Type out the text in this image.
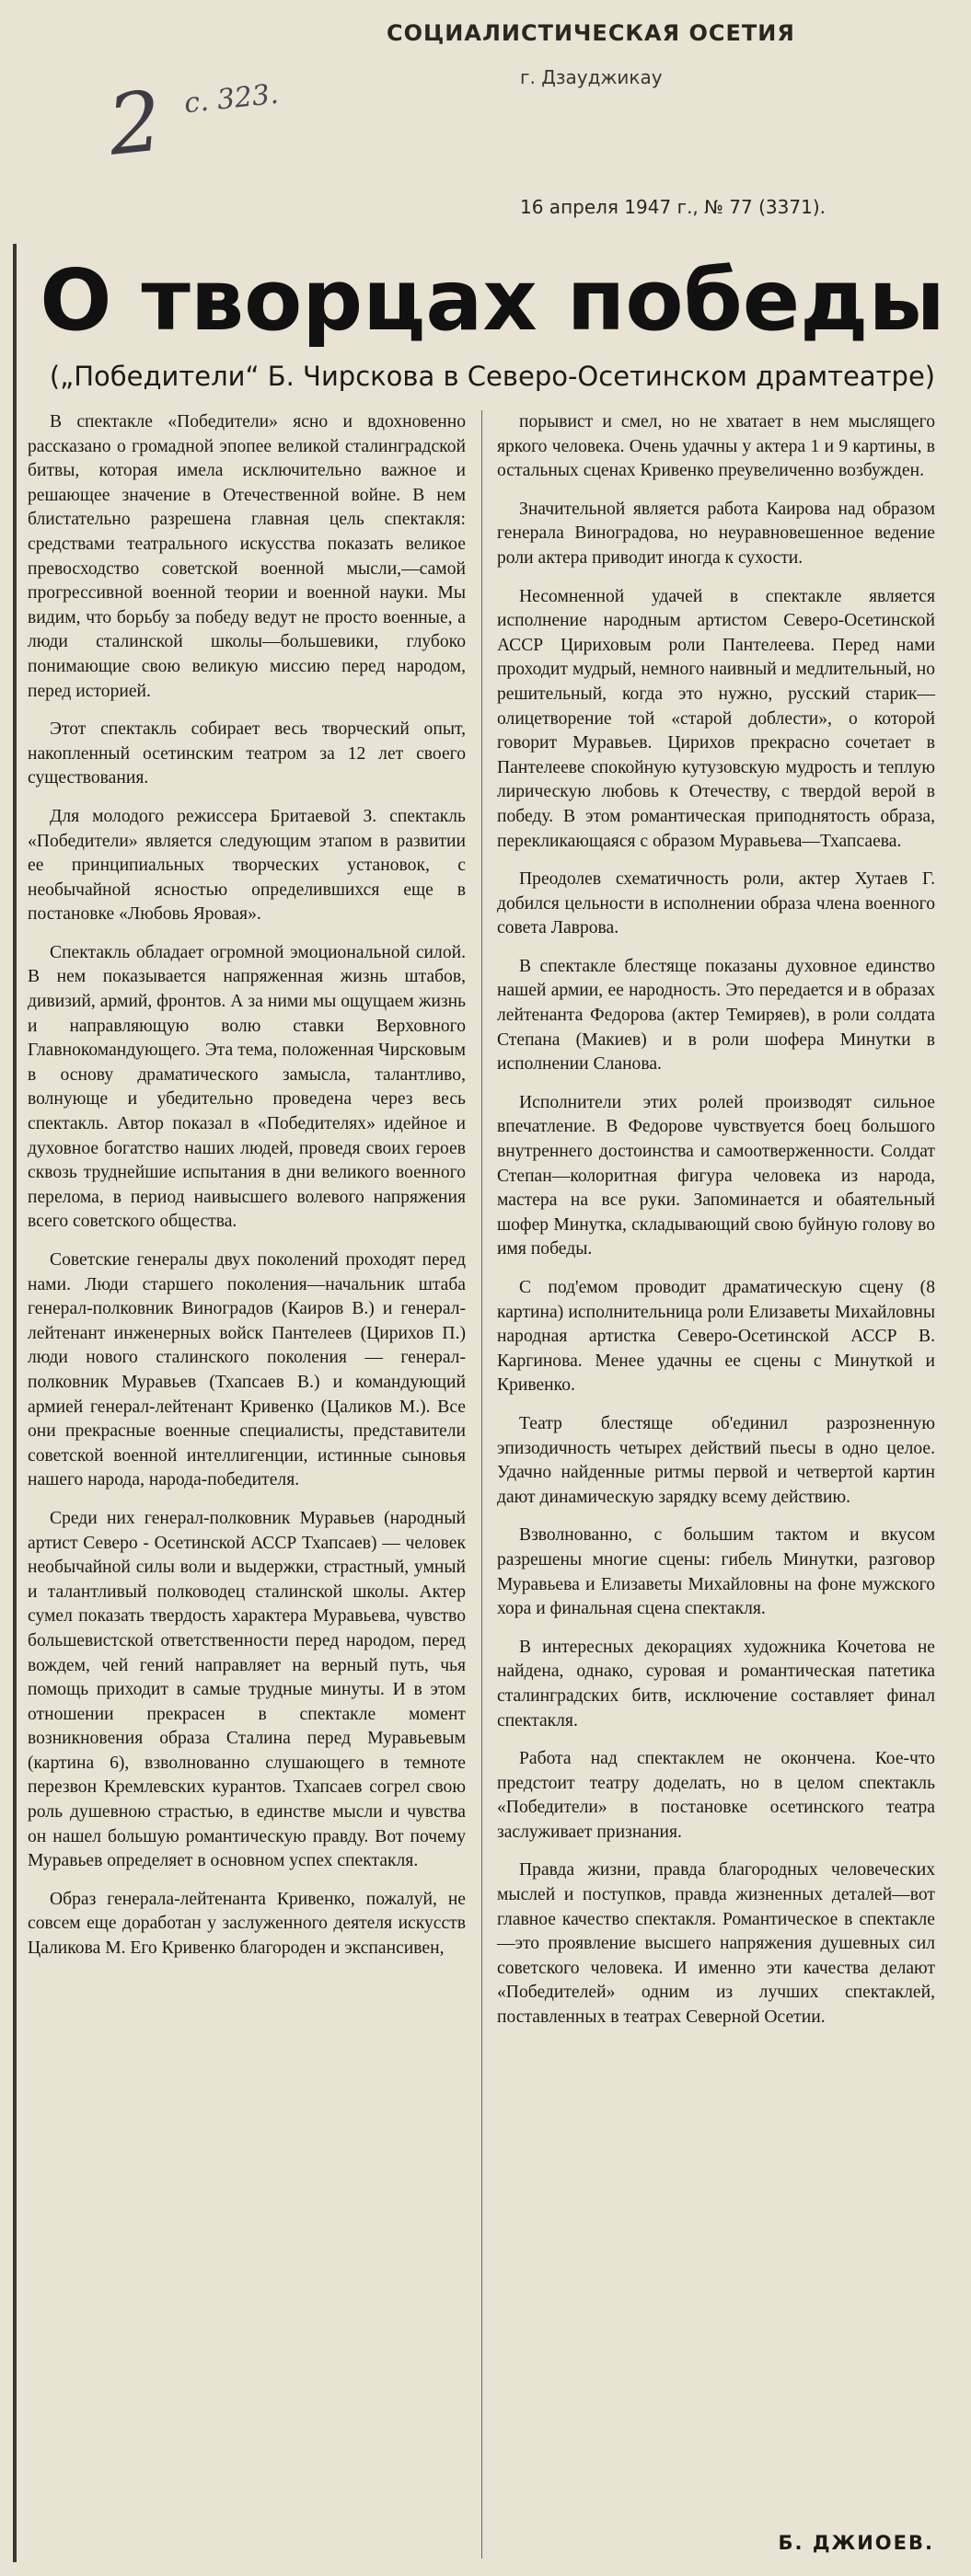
СОЦИАЛИСТИЧЕСКАЯ ОСЕТИЯ
г. Дзауджикау
2 с. 323.
16 апреля 1947 г., № 77 (3371).
О творцах победы
(„Победители“ Б. Чирскова в Северо-Осетинском драмтеатре)

В спектакле «Победители» ясно и вдохновенно рассказано о громадной эпопее великой сталинградской битвы, которая имела исключительно важное и решающее значение в Отечественной войне. В нем блистательно разрешена главная цель спектакля: средствами театрального искусства показать великое превосходство советской военной мысли,—самой прогрессивной военной теории и военной науки. Мы видим, что борьбу за победу ведут не просто военные, а люди сталинской школы—большевики, глубоко понимающие свою великую миссию перед народом, перед историей.

Этот спектакль собирает весь творческий опыт, накопленный осетинским театром за 12 лет своего существования.

Для молодого режиссера Бритаевой З. спектакль «Победители» является следующим этапом в развитии ее принципиальных творческих установок, с необычайной ясностью определившихся еще в постановке «Любовь Яровая».

Спектакль обладает огромной эмоциональной силой. В нем показывается напряженная жизнь штабов, дивизий, армий, фронтов. А за ними мы ощущаем жизнь и направляющую волю ставки Верховного Главнокомандующего. Эта тема, положенная Чирсковым в основу драматического замысла, талантливо, волнующе и убедительно проведена через весь спектакль. Автор показал в «Победителях» идейное и духовное богатство наших людей, проведя своих героев сквозь труднейшие испытания в дни великого военного перелома, в период наивысшего волевого напряжения всего советского общества.

Советские генералы двух поколений проходят перед нами. Люди старшего поколения—начальник штаба генерал-полковник Виноградов (Каиров В.) и генерал-лейтенант инженерных войск Пантелеев (Цирихов П.) люди нового сталинского поколения — генерал-полковник Муравьев (Тхапсаев В.) и командующий армией генерал-лейтенант Кривенко (Цаликов М.). Все они прекрасные военные специалисты, представители советской военной интеллигенции, истинные сыновья нашего народа, народа-победителя.

Среди них генерал-полковник Муравьев (народный артист Северо - Осетинской АССР Тхапсаев) — человек необычайной силы воли и выдержки, страстный, умный и талантливый полководец сталинской школы. Актер сумел показать твердость характера Муравьева, чувство большевистской ответственности перед народом, перед вождем, чей гений направляет на верный путь, чья помощь приходит в самые трудные минуты. И в этом отношении прекрасен в спектакле момент возникновения образа Сталина перед Муравьевым (картина 6), взволнованно слушающего в темноте перезвон Кремлевских курантов. Тхапсаев согрел свою роль душевною страстью, в единстве мысли и чувства он нашел большую романтическую правду. Вот почему Муравьев определяет в основном успех спектакля.

Образ генерала-лейтенанта Кривенко, пожалуй, не совсем еще доработан у заслуженного деятеля искусств Цаликова М. Его Кривенко благороден и экспансивен,

порывист и смел, но не хватает в нем мыслящего яркого человека. Очень удачны у актера 1 и 9 картины, в остальных сценах Кривенко преувеличенно возбужден.

Значительной является работа Каирова над образом генерала Виноградова, но неуравновешенное ведение роли актера приводит иногда к сухости.

Несомненной удачей в спектакле является исполнение народным артистом Северо-Осетинской АССР Цириховым роли Пантелеева. Перед нами проходит мудрый, немного наивный и медлительный, но решительный, когда это нужно, русский старик—олицетворение той «старой доблести», о которой говорит Муравьев. Цирихов прекрасно сочетает в Пантелееве спокойную кутузовскую мудрость и теплую лирическую любовь к Отечеству, с твердой верой в победу. В этом романтическая приподнятость образа, перекликающаяся с образом Муравьева—Тхапсаева.

Преодолев схематичность роли, актер Хутаев Г. добился цельности в исполнении образа члена военного совета Лаврова.

В спектакле блестяще показаны духовное единство нашей армии, ее народность. Это передается и в образах лейтенанта Федорова (актер Темиряев), в роли солдата Степана (Макиев) и в роли шофера Минутки в исполнении Сланова.

Исполнители этих ролей производят сильное впечатление. В Федорове чувствуется боец большого внутреннего достоинства и самоотверженности. Солдат Степан—колоритная фигура человека из народа, мастера на все руки. Запоминается и обаятельный шофер Минутка, складывающий свою буйную голову во имя победы.

С под'емом проводит драматическую сцену (8 картина) исполнительница роли Елизаветы Михайловны народная артистка Северо-Осетинской АССР В. Каргинова. Менее удачны ее сцены с Минуткой и Кривенко.

Театр блестяще об'единил разрозненную эпизодичность четырех действий пьесы в одно целое. Удачно найденные ритмы первой и четвертой картин дают динамическую зарядку всему действию.

Взволнованно, с большим тактом и вкусом разрешены многие сцены: гибель Минутки, разговор Муравьева и Елизаветы Михайловны на фоне мужского хора и финальная сцена спектакля.

В интересных декорациях художника Кочетова не найдена, однако, суровая и романтическая патетика сталинградских битв, исключение составляет финал спектакля.

Работа над спектаклем не окончена. Кое-что предстоит театру доделать, но в целом спектакль «Победители» в постановке осетинского театра заслуживает признания.

Правда жизни, правда благородных человеческих мыслей и поступков, правда жизненных деталей—вот главное качество спектакля. Романтическое в спектакле—это проявление высшего напряжения душевных сил советского человека. И именно эти качества делают «Победителей» одним из лучших спектаклей, поставленных в театрах Северной Осетии.

Б. ДЖИОЕВ.
